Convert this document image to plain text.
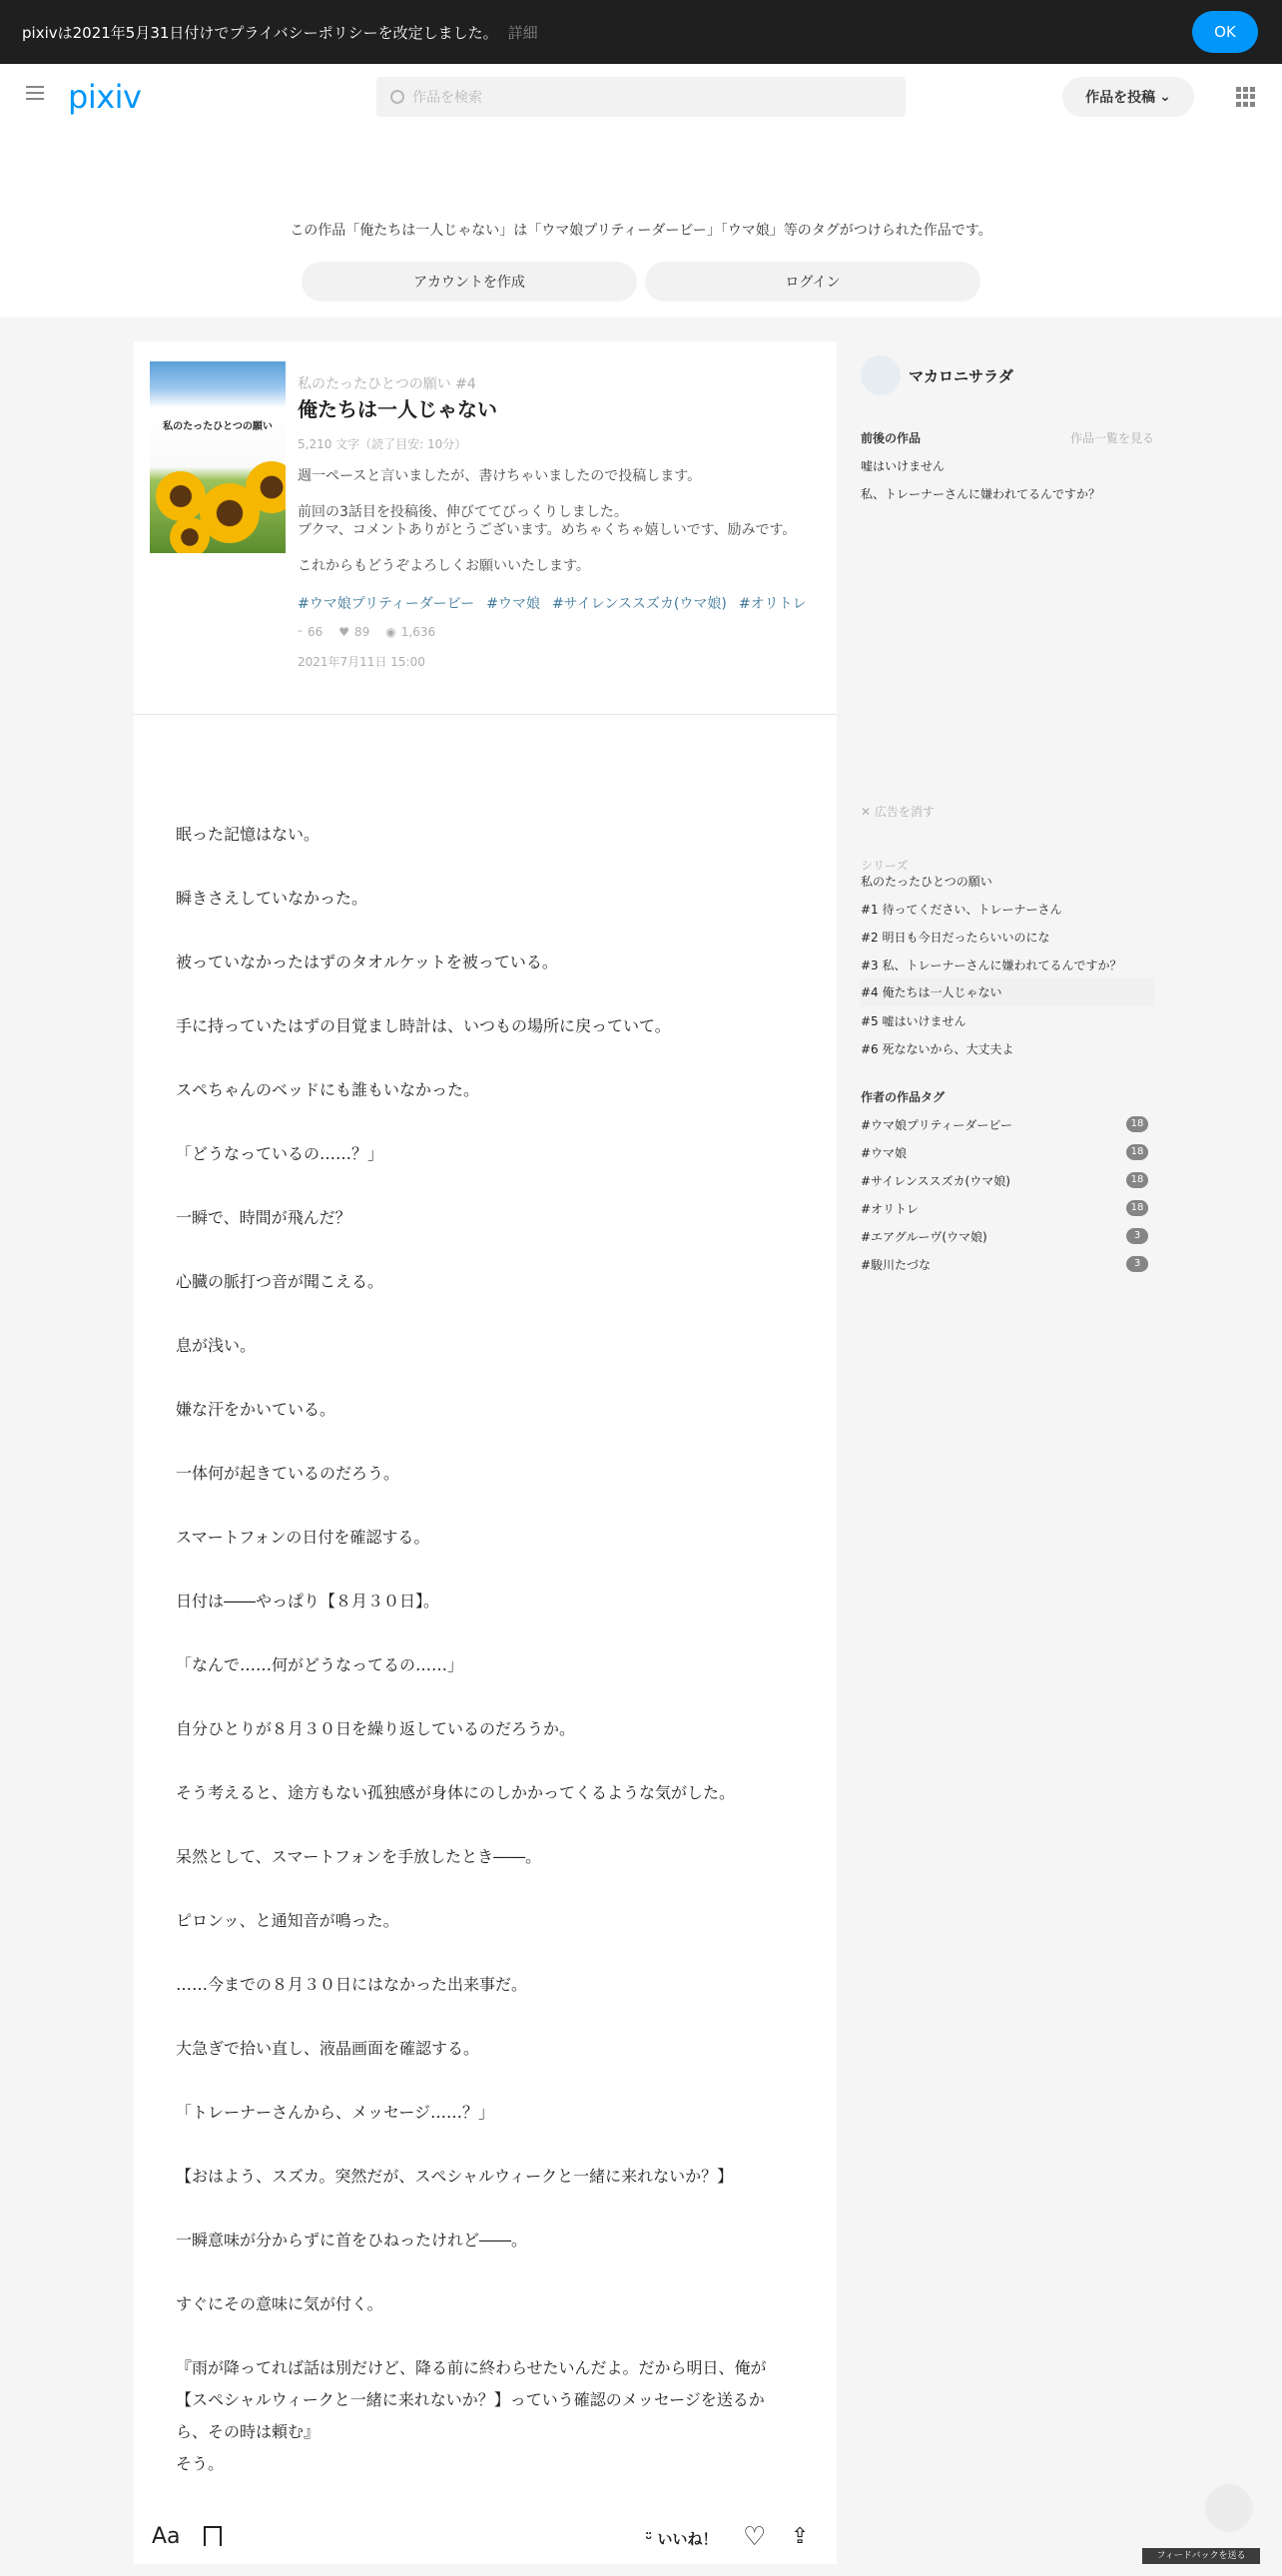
pixivは2021年5月31日付けでプライバシーポリシーを改定しました。 詳細	OK
pixiv	作品を検索	作品を投稿 ⌄
この作品「俺たちは一人じゃない」は「ウマ娘プリティーダービー」「ウマ娘」等のタグがつけられた作品です。
アカウントを作成	ログイン
私のたったひとつの願い
私のたったひとつの願い #4
俺たちは一人じゃない
5,210 文字（読了目安: 10分）

週一ペースと言いましたが、書けちゃいましたので投稿します。

前回の3話目を投稿後、伸びててびっくりしました。

ブクマ、コメントありがとうございます。めちゃくちゃ嬉しいです、励みです。

これからもどうぞよろしくお願いいたします。

#ウマ娘プリティーダービー #ウマ娘 #サイレンススズカ(ウマ娘) #オリトレ
ᵕ 66 ♥ 89 ◉ 1,636
2021年7月11日 15:00

眠った記憶はない。

瞬きさえしていなかった。

被っていなかったはずのタオルケットを被っている。

手に持っていたはずの目覚まし時計は、いつもの場所に戻っていて。

スペちゃんのベッドにも誰もいなかった。

「どうなっているの……？」

一瞬で、時間が飛んだ？

心臓の脈打つ音が聞こえる。

息が浅い。

嫌な汗をかいている。

一体何が起きているのだろう。

スマートフォンの日付を確認する。

日付は――やっぱり【８月３０日】。

「なんで……何がどうなってるの……」

自分ひとりが８月３０日を繰り返しているのだろうか。

そう考えると、途方もない孤独感が身体にのしかかってくるような気がした。

呆然として、スマートフォンを手放したとき――。

ピロンッ、と通知音が鳴った。

……今までの８月３０日にはなかった出来事だ。

大急ぎで拾い直し、液晶画面を確認する。

「トレーナーさんから、メッセージ……？」

【おはよう、スズカ。突然だが、スペシャルウィークと一緒に来れないか？】

一瞬意味が分からずに首をひねったけれど――。

すぐにその意味に気が付く。

『雨が降ってれば話は別だけど、降る前に終わらせたいんだよ。だから明日、俺が【スペシャルウィークと一緒に来れないか？】っていう確認のメッセージを送るから、その時は頼む』

そう。

Aa	ᵕ̈ いいね！ ♡ ⇪
マカロニサラダ
前後の作品	作品一覧を見る
嘘はいけません
私、トレーナーさんに嫌われてるんですか？
✕ 広告を消す
シリーズ
私のたったひとつの願い
#1 待ってください、トレーナーさん
#2 明日も今日だったらいいのにな
#3 私、トレーナーさんに嫌われてるんですか？
#4 俺たちは一人じゃない
#5 嘘はいけません
#6 死なないから、大丈夫よ
作者の作品タグ
#ウマ娘プリティーダービー	18
#ウマ娘	18
#サイレンススズカ(ウマ娘)	18
#オリトレ	18
#エアグルーヴ(ウマ娘)	3
#駿川たづな	3
フィードバックを送る
